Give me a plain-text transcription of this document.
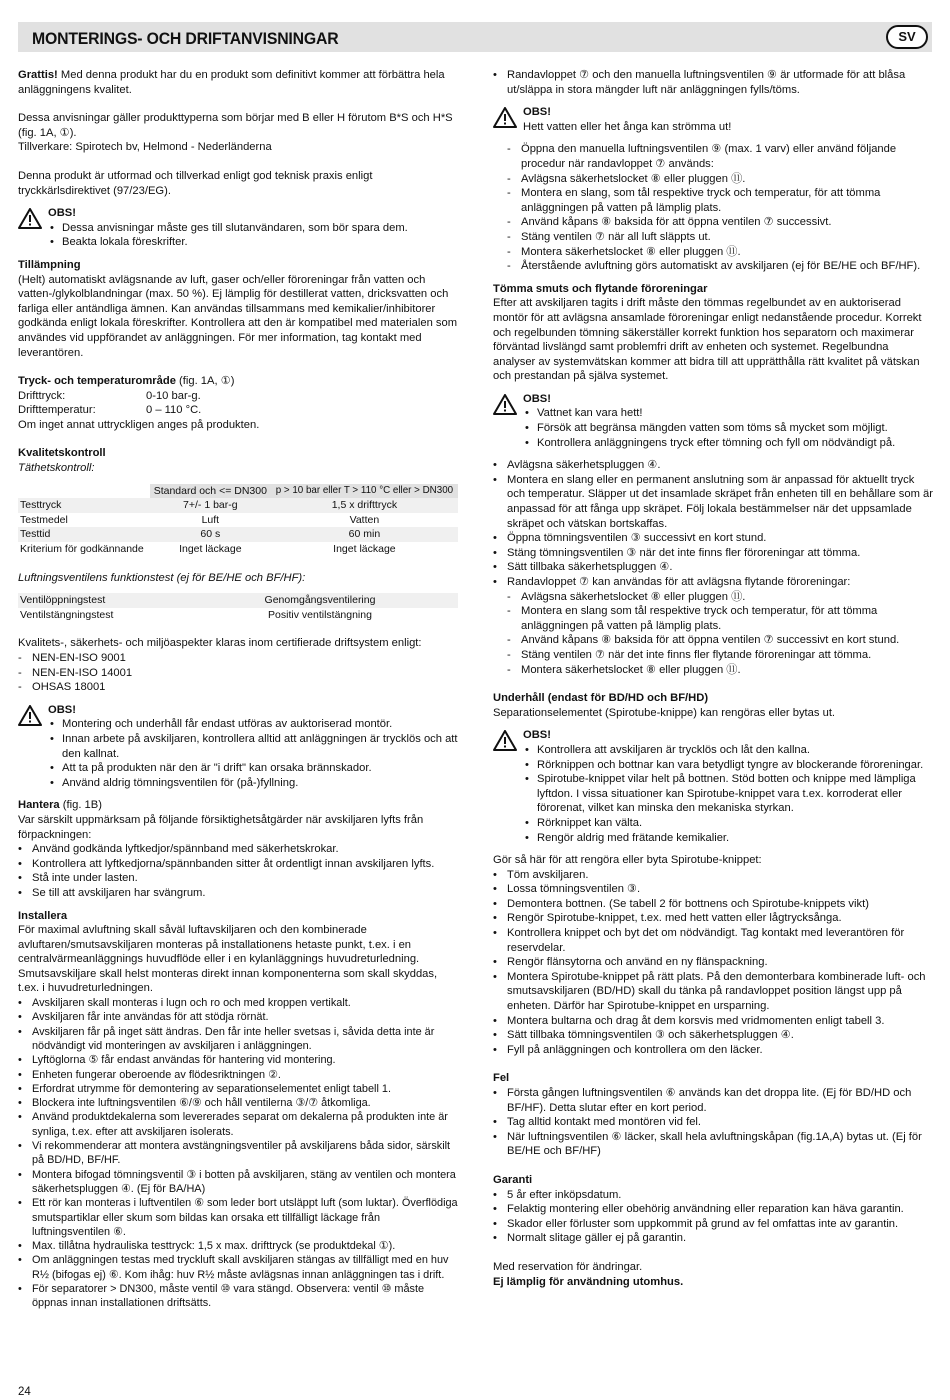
MONTERINGS- OCH DRIFTANVISNINGAR	SV

Grattis! Med denna produkt har du en produkt som definitivt kommer att förbättra hela anläggningens kvalitet.

Dessa anvisningar gäller produkttyperna som börjar med B eller H förutom B*S och H*S (fig. 1A, ①).

Tillverkare: Spirotech bv, Helmond - Nederländerna

Denna produkt är utformad och tillverkad enligt god teknisk praxis enligt tryckkärlsdirektivet (97/23/EG).

OBS!
• Dessa anvisningar måste ges till slutanvändaren, som bör spara dem.
• Beakta lokala föreskrifter.

Tillämpning

(Helt) automatiskt avlägsnande av luft, gaser och/eller föroreningar från vatten och vatten-/glykolblandningar (max. 50 %). Ej lämplig för destillerat vatten, dricksvatten och farliga eller antändliga ämnen. Kan användas tillsammans med kemikalier/inhibitorer godkända enligt lokala föreskrifter. Kontrollera att den är kompatibel med materialen som användes vid uppförandet av anläggningen. För mer information, tag kontakt med leverantören.

Tryck- och temperaturområde (fig. 1A, ①)

Drifttryck:	0-10 bar-g.
Drifttemperatur:	0 – 110 °C.

Om inget annat uttryckligen anges på produkten.

Kvalitetskontroll

Täthetskontroll:

	Standard och <= DN300	p > 10 bar eller T > 110 °C eller > DN300
Testtryck	7+/- 1 bar-g	1,5 x drifttryck
Testmedel	Luft	Vatten
Testtid	60 s	60 min
Kriterium för godkännande	Inget läckage	Inget läckage

Luftningsventilens funktionstest (ej för BE/HE och BF/HF):

Ventilöppningstest	Genomgångsventilering
Ventilstängningstest	Positiv ventilstängning

Kvalitets-, säkerhets- och miljöaspekter klaras inom certifierade driftsystem enligt:

- NEN-EN-ISO 9001
- NEN-EN-ISO 14001
- OHSAS 18001
OBS!
• Montering och underhåll får endast utföras av auktoriserad montör.
• Innan arbete på avskiljaren, kontrollera alltid att anläggningen är trycklös och att den kallnat.
• Att ta på produkten när den är "i drift" kan orsaka brännskador.
• Använd aldrig tömningsventilen för (på-)fyllning.

Hantera (fig. 1B)

Var särskilt uppmärksam på följande försiktighetsåtgärder när avskiljaren lyfts från förpackningen:

• Använd godkända lyftkedjor/spännband med säkerhetskrokar.
• Kontrollera att lyftkedjorna/spännbanden sitter åt ordentligt innan avskiljaren lyfts.
• Stå inte under lasten.
• Se till att avskiljaren har svängrum.

Installera

För maximal avluftning skall såväl luftavskiljaren och den kombinerade avluftaren/smutsavskiljaren monteras på installationens hetaste punkt, t.ex. i en centralvärmeanläggnings huvudflöde eller i en kylanläggnings huvudreturledning. Smutsavskiljare skall helst monteras direkt innan komponenterna som skall skyddas, t.ex. i huvudreturledningen.

• Avskiljaren skall monteras i lugn och ro och med kroppen vertikalt.
• Avskiljaren får inte användas för att stödja rörnät.
• Avskiljaren får på inget sätt ändras. Den får inte heller svetsas i, såvida detta inte är nödvändigt vid monteringen av avskiljaren i anläggningen.
• Lyftöglorna ⑤ får endast användas för hantering vid montering.
• Enheten fungerar oberoende av flödesriktningen ②.
• Erfordrat utrymme för demontering av separationselementet enligt tabell 1.
• Blockera inte luftningsventilen ⑥/⑨ och håll ventilerna ③/⑦ åtkomliga.
• Använd produktdekalerna som levererades separat om dekalerna på produkten inte är synliga, t.ex. efter att avskiljaren isolerats.
• Vi rekommenderar att montera avstängningsventiler på avskiljarens båda sidor, särskilt på BD/HD, BF/HF.
• Montera bifogad tömningsventil ③ i botten på avskiljaren, stäng av ventilen och montera säkerhetspluggen ④. (Ej för BA/HA)
• Ett rör kan monteras i luftventilen ⑥ som leder bort utsläppt luft (som luktar). Överflödiga smutspartiklar eller skum som bildas kan orsaka ett tillfälligt läckage från luftningsventilen ⑥.
• Max. tillåtna hydrauliska testtryck: 1,5 x max. drifttryck (se produktdekal ①).
• Om anläggningen testas med tryckluft skall avskiljaren stängas av tillfälligt med en huv R½ (bifogas ej) ⑥. Kom ihåg: huv R½ måste avlägsnas innan anläggningen tas i drift.
• För separatorer > DN300, måste ventil ⑩ vara stängd. Observera: ventil ⑩ måste öppnas innan installationen driftsätts.
• Randavloppet ⑦ och den manuella luftningsventilen ⑨ är utformade för att blåsa ut/släppa in stora mängder luft när anläggningen fylls/töms.
OBS!
Hett vatten eller het ånga kan strömma ut!
- Öppna den manuella luftningsventilen ⑨ (max. 1 varv) eller använd följande procedur när randavloppet ⑦ används:
- Avlägsna säkerhetslocket ⑧ eller pluggen ⑪.
- Montera en slang, som tål respektive tryck och temperatur, för att tömma anläggningen på vatten på lämplig plats.
- Använd kåpans ⑧ baksida för att öppna ventilen ⑦ successivt.
- Stäng ventilen ⑦ när all luft släppts ut.
- Montera säkerhetslocket ⑧ eller pluggen ⑪.
- Återstående avluftning görs automatiskt av avskiljaren (ej för BE/HE och BF/HF).

Tömma smuts och flytande föroreningar

Efter att avskiljaren tagits i drift måste den tömmas regelbundet av en auktoriserad montör för att avlägsna ansamlade föroreningar enligt nedanstående procedur. Korrekt och regelbunden tömning säkerställer korrekt funktion hos separatorn och maximerar förväntad livslängd samt problemfri drift av enheten och systemet. Regelbundna analyser av systemvätskan kommer att bidra till att upprätthålla rätt kvalitet på vätskan och prestandan på själva systemet.

OBS!
• Vattnet kan vara hett!
• Försök att begränsa mängden vatten som töms så mycket som möjligt.
• Kontrollera anläggningens tryck efter tömning och fyll om nödvändigt på.
• Avlägsna säkerhetspluggen ④.
• Montera en slang eller en permanent anslutning som är anpassad för aktuellt tryck och temperatur. Släpper ut det insamlade skräpet från enheten till en behållare som är anpassad för att fånga upp skräpet. Följ lokala bestämmelser när det uppsamlade skräpet och vätskan bortskaffas.
• Öppna tömningsventilen ③ successivt en kort stund.
• Stäng tömningsventilen ③ när det inte finns fler föroreningar att tömma.
• Sätt tillbaka säkerhetspluggen ④.
• Randavloppet ⑦ kan användas för att avlägsna flytande föroreningar:
- Avlägsna säkerhetslocket ⑧ eller pluggen ⑪.
- Montera en slang som tål respektive tryck och temperatur, för att tömma anläggningen på vatten på lämplig plats.
- Använd kåpans ⑧ baksida för att öppna ventilen ⑦ successivt en kort stund.
- Stäng ventilen ⑦ när det inte finns fler flytande föroreningar att tömma.
- Montera säkerhetslocket ⑧ eller pluggen ⑪.

Underhåll (endast för BD/HD och BF/HD)

Separationselementet (Spirotube-knippe) kan rengöras eller bytas ut.

OBS!
• Kontrollera att avskiljaren är trycklös och låt den kallna.
• Rörknippen och bottnar kan vara betydligt tyngre av blockerande föroreningar.
• Spirotube-knippet vilar helt på bottnen. Stöd botten och knippe med lämpliga lyftdon. I vissa situationer kan Spirotube-knippet vara t.ex. korroderat eller förorenat, vilket kan minska den mekaniska styrkan.
• Rörknippet kan välta.
• Rengör aldrig med frätande kemikalier.

Gör så här för att rengöra eller byta Spirotube-knippet:

• Töm avskiljaren.
• Lossa tömningsventilen ③.
• Demontera bottnen. (Se tabell 2 för bottnens och Spirotube-knippets vikt)
• Rengör Spirotube-knippet, t.ex. med hett vatten eller lågtrycksånga.
• Kontrollera knippet och byt det om nödvändigt. Tag kontakt med leverantören för reservdelar.
• Rengör flänsytorna och använd en ny flänspackning.
• Montera Spirotube-knippet på rätt plats. På den demonterbara kombinerade luft- och smutsavskiljaren (BD/HD) skall du tänka på randavloppet position längst upp på enheten. Därför har Spirotube-knippet en ursparning.
• Montera bultarna och drag åt dem korsvis med vridmomenten enligt tabell 3.
• Sätt tillbaka tömningsventilen ③ och säkerhetspluggen ④.
• Fyll på anläggningen och kontrollera om den läcker.

Fel

• Första gången luftningsventilen ⑥ används kan det droppa lite. (Ej för BD/HD och BF/HF). Detta slutar efter en kort period.
• Tag alltid kontakt med montören vid fel.
• När luftningsventilen ⑥ läcker, skall hela avluftningskåpan (fig.1A,A) bytas ut. (Ej för BE/HE och BF/HF)

Garanti

• 5 år efter inköpsdatum.
• Felaktig montering eller obehörig användning eller reparation kan häva garantin.
• Skador eller förluster som uppkommit på grund av fel omfattas inte av garantin.
• Normalt slitage gäller ej på garantin.

Med reservation för ändringar.

Ej lämplig för användning utomhus.

24
